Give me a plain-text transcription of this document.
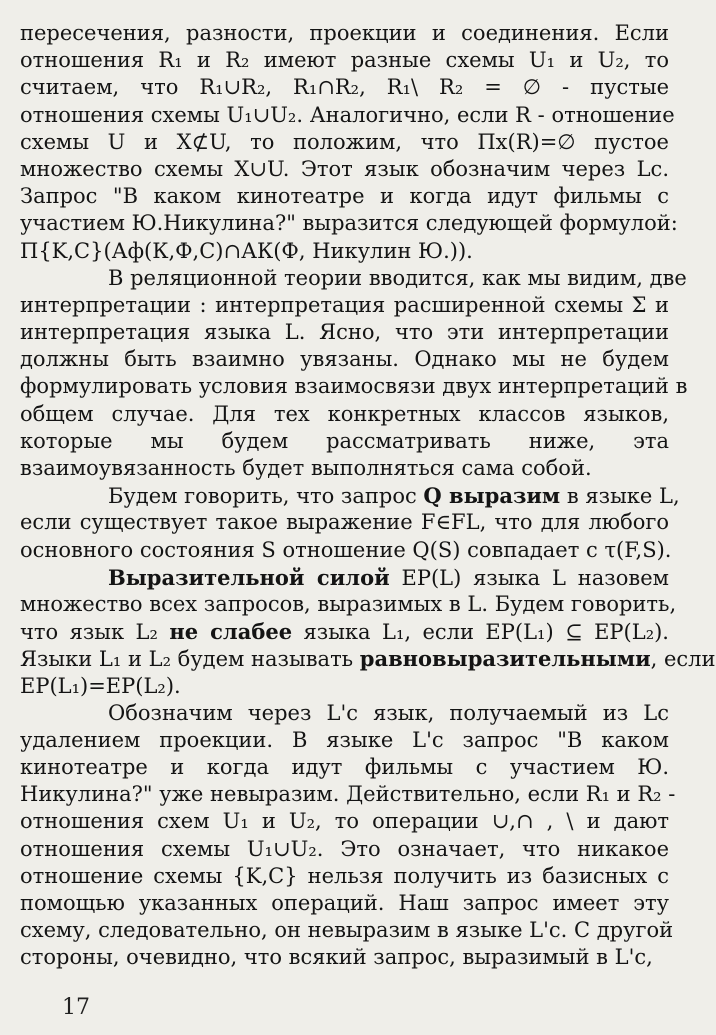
пересечения, разности, проекции и соединения. Если
отношения R₁ и R₂ имеют разные схемы U₁ и U₂, то
считаем, что R₁∪R₂, R₁∩R₂, R₁\ R₂ = ∅ - пустые
отношения схемы U₁∪U₂. Аналогично, если R - отношение
схемы U и X⊄U, то положим, что Πx(R)=∅ пустое
множество схемы X∪U. Этот язык обозначим через Lc.
Запрос "В каком кинотеатре и когда идут фильмы с
участием Ю.Никулина?" выразится следующей формулой:
Π{K,C}(Аф(К,Ф,С)∩АК(Ф, Никулин Ю.)).
В реляционной теории вводится, как мы видим, две
интерпретации : интерпретация расширенной схемы Σ и
интерпретация языка L. Ясно, что эти интерпретации
должны быть взаимно увязаны. Однако мы не будем
формулировать условия взаимосвязи двух интерпретаций в
общем случае. Для тех конкретных классов языков,
которые мы будем рассматривать ниже, эта
взаимоувязанность будет выполняться сама собой.
Будем говорить, что запрос Q выразим в языке L,
если существует такое выражение F∈FL, что для любого
основного состояния S отношение Q(S) совпадает с τ(F,S).
Выразительной силой EP(L) языка L назовем
множество всех запросов, выразимых в L. Будем говорить,
что язык L₂ не слабее языка L₁, если EP(L₁) ⊆ EP(L₂).
Языки L₁ и L₂ будем называть равновыразительными, если
EP(L₁)=EP(L₂).
Обозначим через L'c язык, получаемый из Lc
удалением проекции. В языке L'c запрос "В каком
кинотеатре и когда идут фильмы с участием Ю.
Никулина?" уже невыразим. Действительно, если R₁ и R₂ -
отношения схем U₁ и U₂, то операции ∪,∩ , \ и дают
отношения схемы U₁∪U₂. Это означает, что никакое
отношение схемы {K,C} нельзя получить из базисных с
помощью указанных операций. Наш запрос имеет эту
схему, следовательно, он невыразим в языке L'c. С другой
стороны, очевидно, что всякий запрос, выразимый в L'c,
17
